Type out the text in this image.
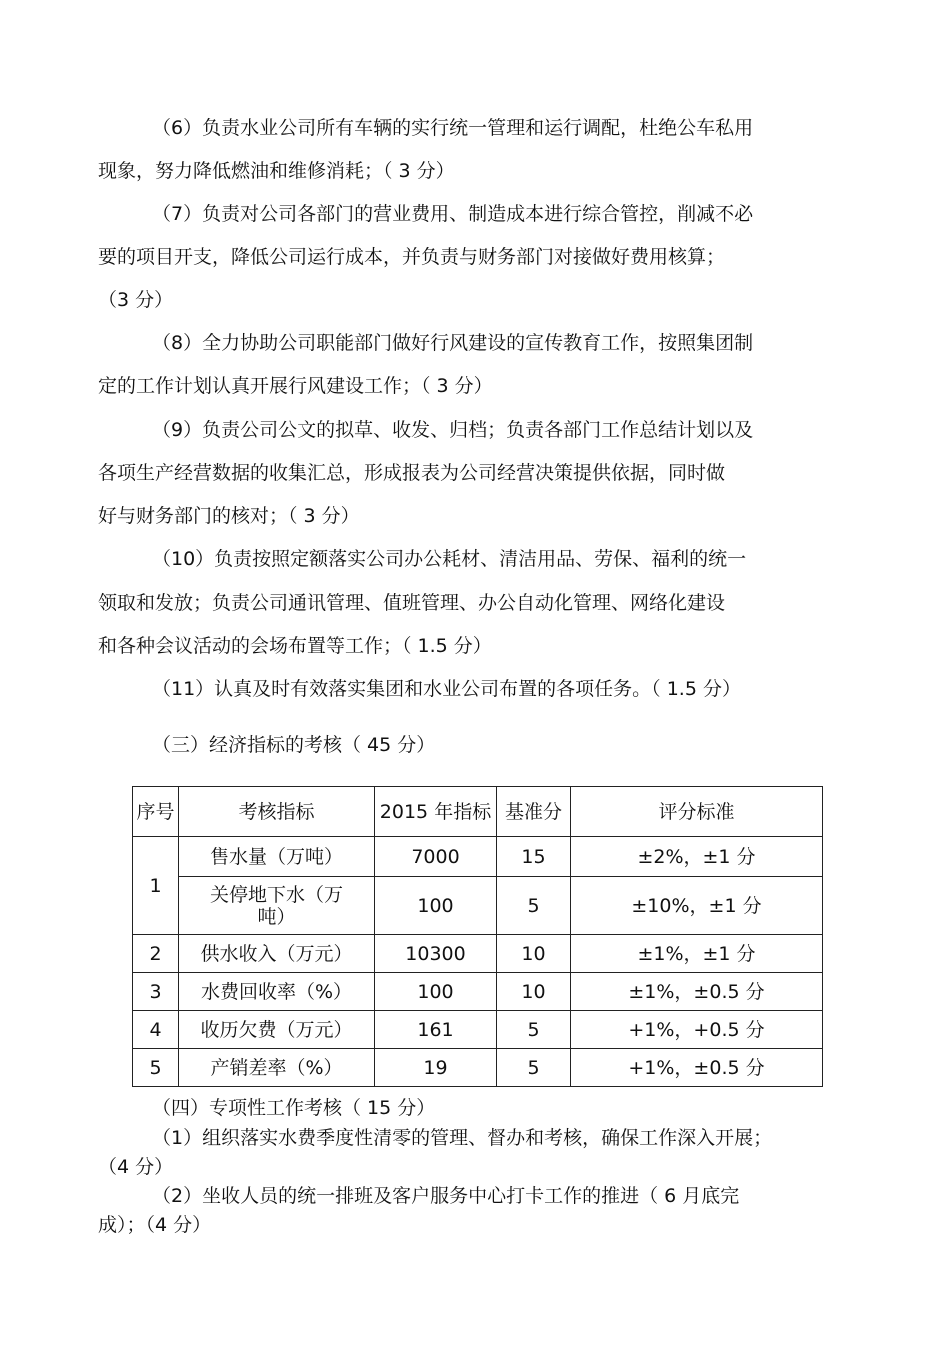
（6）负责水业公司所有车辆的实行统一管理和运行调配，杜绝公车私用
现象，努力降低燃油和维修消耗；（ 3 分）
（7）负责对公司各部门的营业费用、制造成本进行综合管控，削减不必
要的项目开支，降低公司运行成本，并负责与财务部门对接做好费用核算；
（3 分）
（8）全力协助公司职能部门做好行风建设的宣传教育工作，按照集团制
定的工作计划认真开展行风建设工作；（ 3 分）
（9）负责公司公文的拟草、收发、归档；负责各部门工作总结计划以及
各项生产经营数据的收集汇总，形成报表为公司经营决策提供依据，同时做
好与财务部门的核对；（ 3 分）
（10）负责按照定额落实公司办公耗材、清洁用品、劳保、福利的统一
领取和发放；负责公司通讯管理、值班管理、办公自动化管理、网络化建设
和各种会议活动的会场布置等工作；（ 1.5 分）
（11）认真及时有效落实集团和水业公司布置的各项任务。（ 1.5 分）
（三）经济指标的考核（ 45 分）
序号	考核指标	2015 年指标	基准分	评分标准
1	售水量（万吨）	7000	15	±2%，±1 分
	关停地下水（万吨）	100	5	±10%，±1 分
2	供水收入（万元）	10300	10	±1%，±1 分
3	水费回收率（%）	100	10	±1%，±0.5 分
4	收历欠费（万元）	161	5	+1%，+0.5 分
5	产销差率（%）	19	5	+1%，±0.5 分
（四）专项性工作考核（ 15 分）
（1）组织落实水费季度性清零的管理、督办和考核，确保工作深入开展；
（4 分）
（2）坐收人员的统一排班及客户服务中心打卡工作的推进（ 6 月底完
成）；（4 分）
